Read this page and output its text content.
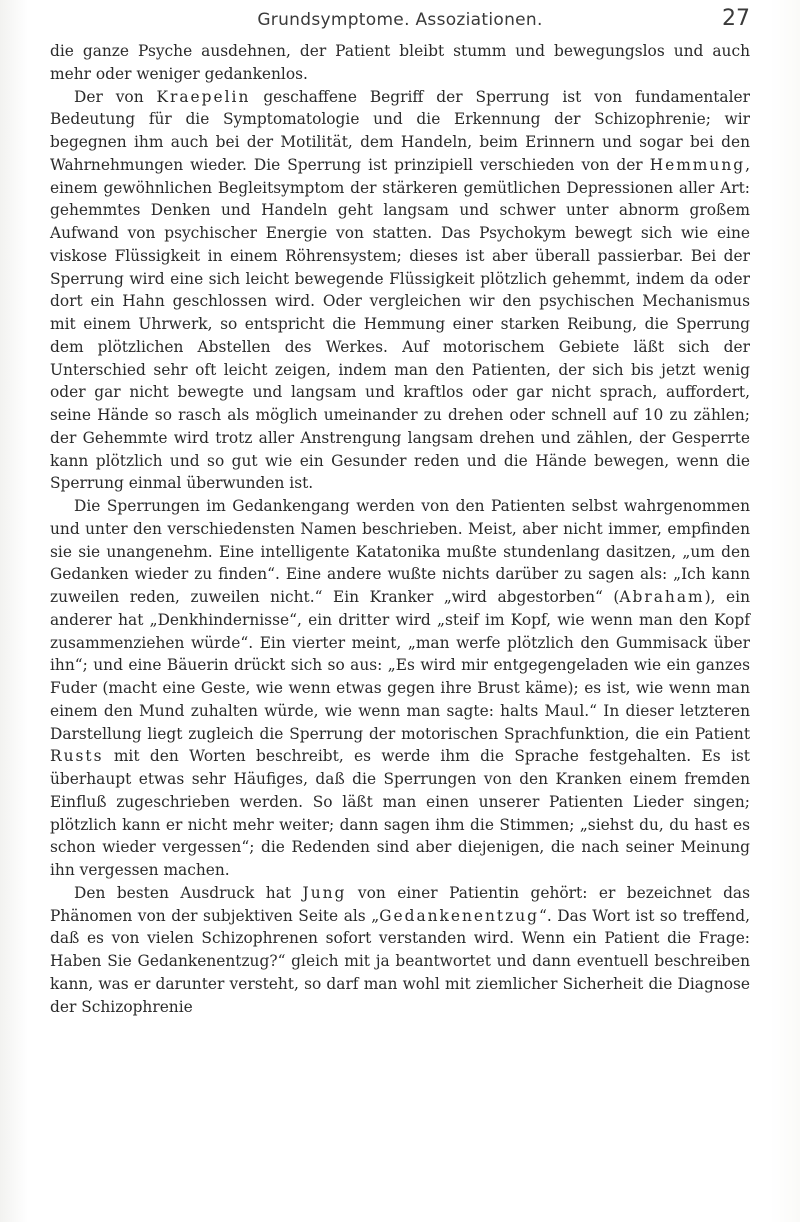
Grundsymptome. Assoziationen.	27

die ganze Psyche ausdehnen, der Patient bleibt stumm und bewegungslos und auch mehr oder weniger gedankenlos.

Der von Kraepelin geschaffene Begriff der Sperrung ist von fundamentaler Bedeutung für die Symptomatologie und die Erkennung der Schizophrenie; wir begegnen ihm auch bei der Motilität, dem Handeln, beim Erinnern und sogar bei den Wahrnehmungen wieder. Die Sperrung ist prinzipiell verschieden von der Hemmung, einem gewöhnlichen Begleitsymptom der stärkeren gemütlichen Depressionen aller Art: gehemmtes Denken und Handeln geht langsam und schwer unter abnorm großem Aufwand von psychischer Energie von statten. Das Psychokym bewegt sich wie eine viskose Flüssigkeit in einem Röhrensystem; dieses ist aber überall passierbar. Bei der Sperrung wird eine sich leicht bewegende Flüssigkeit plötzlich gehemmt, indem da oder dort ein Hahn geschlossen wird. Oder vergleichen wir den psychischen Mechanismus mit einem Uhrwerk, so entspricht die Hemmung einer starken Reibung, die Sperrung dem plötzlichen Abstellen des Werkes. Auf motorischem Gebiete läßt sich der Unterschied sehr oft leicht zeigen, indem man den Patienten, der sich bis jetzt wenig oder gar nicht bewegte und langsam und kraftlos oder gar nicht sprach, auffordert, seine Hände so rasch als möglich umeinander zu drehen oder schnell auf 10 zu zählen; der Gehemmte wird trotz aller Anstrengung langsam drehen und zählen, der Gesperrte kann plötzlich und so gut wie ein Gesunder reden und die Hände bewegen, wenn die Sperrung einmal überwunden ist.

Die Sperrungen im Gedankengang werden von den Patienten selbst wahrgenommen und unter den verschiedensten Namen beschrieben. Meist, aber nicht immer, empfinden sie sie unangenehm. Eine intelligente Katatonika mußte stundenlang dasitzen, „um den Gedanken wieder zu finden“. Eine andere wußte nichts darüber zu sagen als: „Ich kann zuweilen reden, zuweilen nicht.“ Ein Kranker „wird abgestorben“ (Abraham), ein anderer hat „Denkhindernisse“, ein dritter wird „steif im Kopf, wie wenn man den Kopf zusammenziehen würde“. Ein vierter meint, „man werfe plötzlich den Gummisack über ihn“; und eine Bäuerin drückt sich so aus: „Es wird mir entgegengeladen wie ein ganzes Fuder (macht eine Geste, wie wenn etwas gegen ihre Brust käme); es ist, wie wenn man einem den Mund zuhalten würde, wie wenn man sagte: halts Maul.“ In dieser letzteren Darstellung liegt zugleich die Sperrung der motorischen Sprachfunktion, die ein Patient Rusts mit den Worten beschreibt, es werde ihm die Sprache festgehalten. Es ist überhaupt etwas sehr Häufiges, daß die Sperrungen von den Kranken einem fremden Einfluß zugeschrieben werden. So läßt man einen unserer Patienten Lieder singen; plötzlich kann er nicht mehr weiter; dann sagen ihm die Stimmen; „siehst du, du hast es schon wieder vergessen“; die Redenden sind aber diejenigen, die nach seiner Meinung ihn vergessen machen.

Den besten Ausdruck hat Jung von einer Patientin gehört: er bezeichnet das Phänomen von der subjektiven Seite als „Gedankenentzug“. Das Wort ist so treffend, daß es von vielen Schizophrenen sofort verstanden wird. Wenn ein Patient die Frage: Haben Sie Gedankenentzug?“ gleich mit ja beantwortet und dann eventuell beschreiben kann, was er darunter versteht, so darf man wohl mit ziemlicher Sicherheit die Diagnose der Schizophrenie
